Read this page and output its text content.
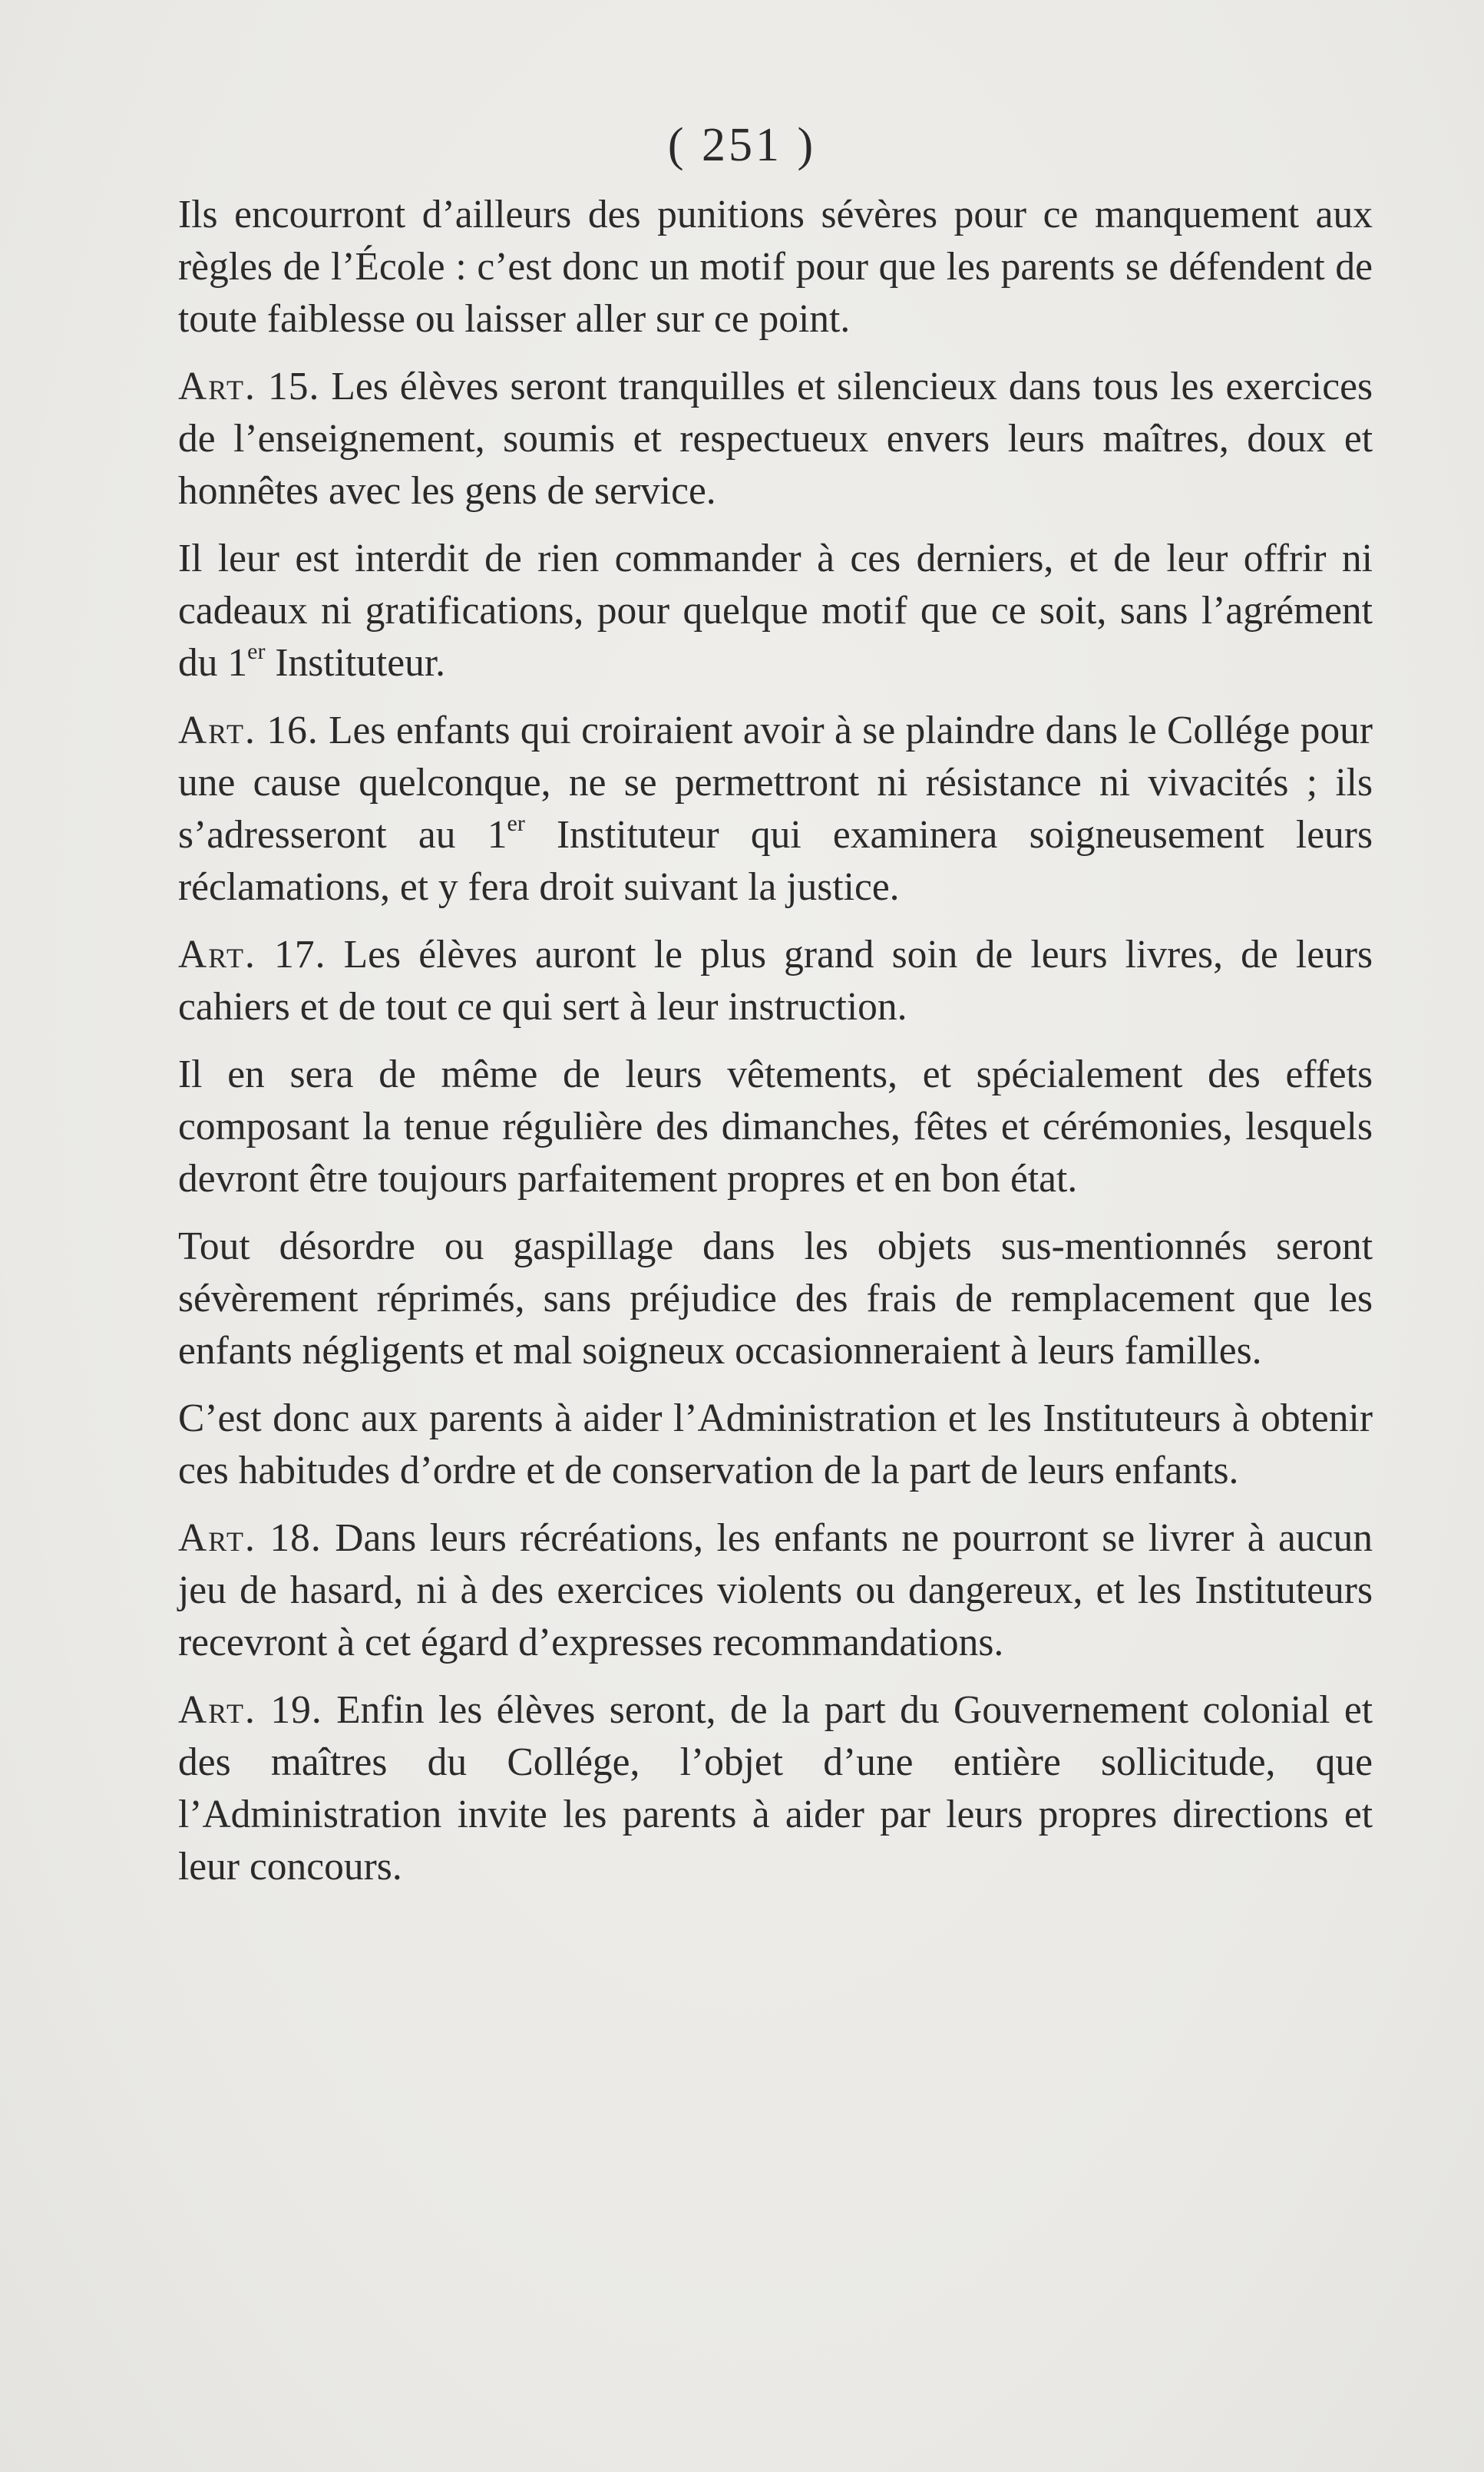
( 251 )

Ils encourront d’ailleurs des punitions sévères pour ce manquement aux règles de l’École : c’est donc un motif pour que les parents se défendent de toute faiblesse ou laisser aller sur ce point.

Art. 15. Les élèves seront tranquilles et silencieux dans tous les exercices de l’enseignement, soumis et respectueux envers leurs maîtres, doux et honnêtes avec les gens de service.

Il leur est interdit de rien commander à ces derniers, et de leur offrir ni cadeaux ni gratifications, pour quelque motif que ce soit, sans l’agrément du 1er Instituteur.

Art. 16. Les enfants qui croiraient avoir à se plaindre dans le Collége pour une cause quelconque, ne se permettront ni résistance ni vivacités ; ils s’adresseront au 1er Instituteur qui examinera soigneusement leurs réclamations, et y fera droit suivant la justice.

Art. 17. Les élèves auront le plus grand soin de leurs livres, de leurs cahiers et de tout ce qui sert à leur instruction.

Il en sera de même de leurs vêtements, et spécialement des effets composant la tenue régulière des dimanches, fêtes et cérémonies, lesquels devront être toujours parfaitement propres et en bon état.

Tout désordre ou gaspillage dans les objets sus-mentionnés seront sévèrement réprimés, sans préjudice des frais de remplacement que les enfants négligents et mal soigneux occasionneraient à leurs familles.

C’est donc aux parents à aider l’Administration et les Instituteurs à obtenir ces habitudes d’ordre et de conservation de la part de leurs enfants.

Art. 18. Dans leurs récréations, les enfants ne pourront se livrer à aucun jeu de hasard, ni à des exercices violents ou dangereux, et les Instituteurs recevront à cet égard d’expresses recommandations.

Art. 19. Enfin les élèves seront, de la part du Gouvernement colonial et des maîtres du Collége, l’objet d’une entière sollicitude, que l’Administration invite les parents à aider par leurs propres directions et leur concours.
